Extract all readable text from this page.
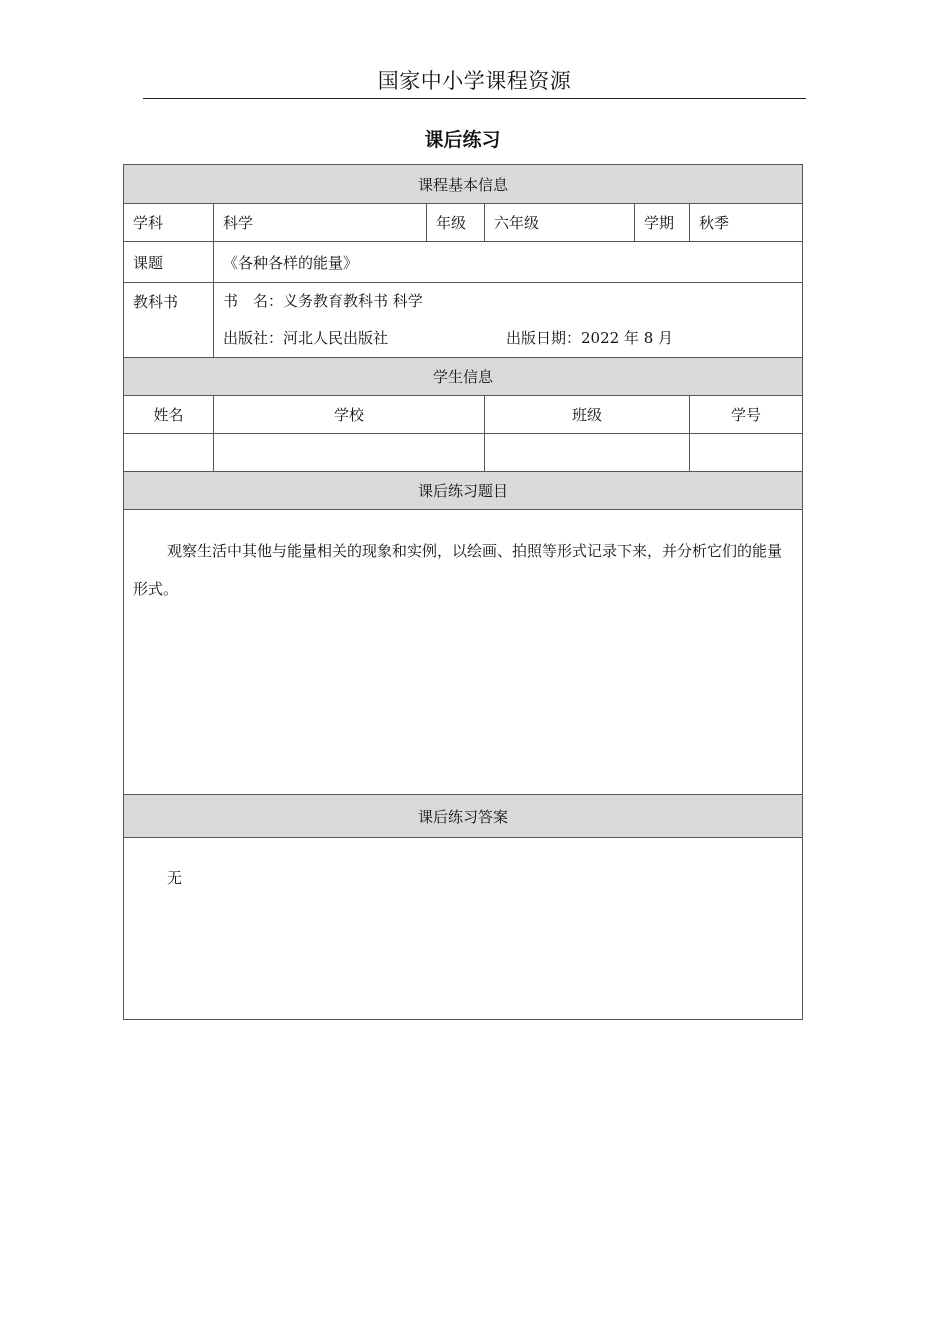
国家中小学课程资源
课后练习
课程基本信息					
学科	科学	年级	六年级	学期	秋季
课题	《各种各样的能量》				
教科书	书　名：义务教育教科书 科学
出版社：河北人民出版社 出版日期：2022 年 8 月				

学生信息					
姓名	学校		班级		学号

课后练习题目					

观察生活中其他与能量相关的现象和实例，以绘画、拍照等形式记录下来，并分析它们的能量形式。					

课后练习答案					
无					
